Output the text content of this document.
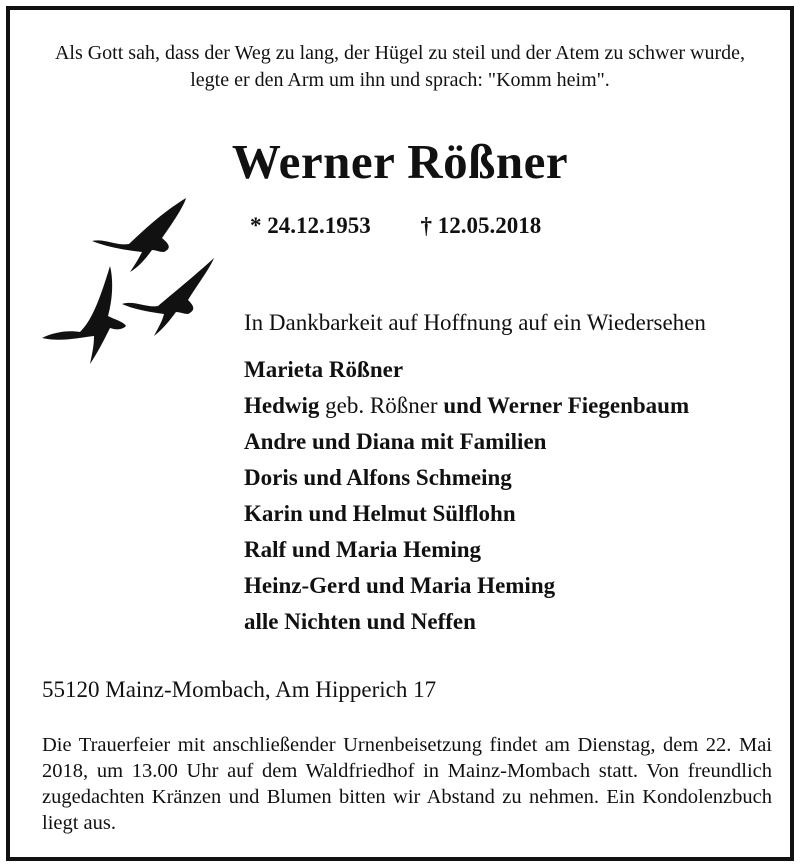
Als Gott sah, dass der Weg zu lang, der Hügel zu steil und der Atem zu schwer wurde, legte er den Arm um ihn und sprach: "Komm heim".
Werner Rößner
* 24.12.1953 † 12.05.2018
In Dankbarkeit auf Hoffnung auf ein Wiedersehen
Marieta Rößner
Hedwig geb. Rößner und Werner Fiegenbaum
Andre und Diana mit Familien
Doris und Alfons Schmeing
Karin und Helmut Sülflohn
Ralf und Maria Heming
Heinz-Gerd und Maria Heming
alle Nichten und Neffen
55120 Mainz-Mombach, Am Hipperich 17
Die Trauerfeier mit anschließender Urnenbeisetzung findet am Dienstag, dem 22. Mai 2018, um 13.00 Uhr auf dem Waldfriedhof in Mainz-Mombach statt. Von freundlich zugedachten Kränzen und Blumen bitten wir Abstand zu nehmen. Ein Kondolenzbuch liegt aus.
